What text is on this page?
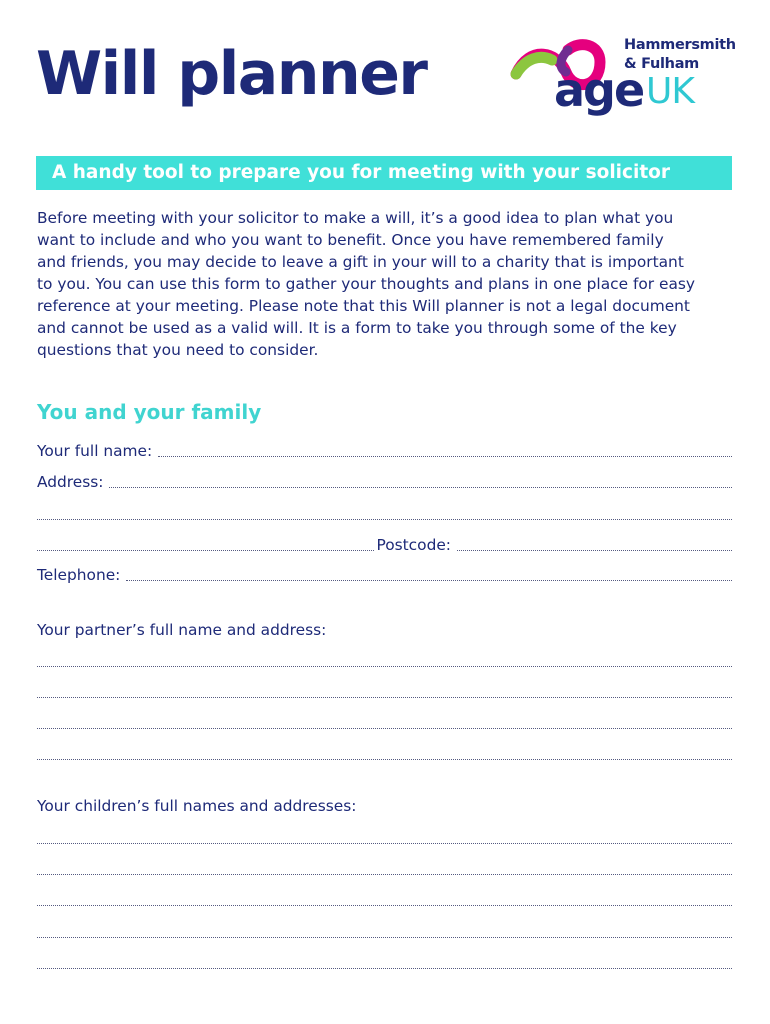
Will planner	Hammersmith
& Fulham

age UK
A handy tool to prepare you for meeting with your solicitor

Before meeting with your solicitor to make a will, it’s a good idea to plan what you
want to include and who you want to benefit. Once you have remembered family
and friends, you may decide to leave a gift in your will to a charity that is important
to you. You can use this form to gather your thoughts and plans in one place for easy
reference at your meeting. Please note that this Will planner is not a legal document
and cannot be used as a valid will. It is a form to take you through some of the key
questions that you need to consider.

You and your family
Your full name:
Address:
Postcode:
Telephone:

Your partner’s full name and address:

Your children’s full names and addresses:
